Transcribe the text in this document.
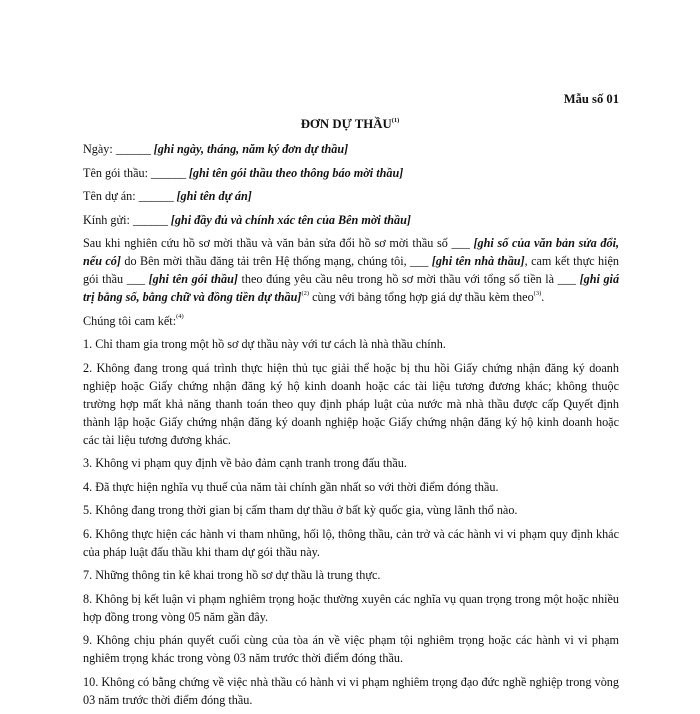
Mẫu số 01
ĐƠN DỰ THẦU$^{(1)}$
Ngày: ______ [ghi ngày, tháng, năm ký đơn dự thầu]
Tên gói thầu: ______ [ghi tên gói thầu theo thông báo mời thầu]
Tên dự án: ______ [ghi tên dự án]
Kính gửi: ______ [ghi đầy đủ và chính xác tên của Bên mời thầu]
Sau khi nghiên cứu hồ sơ mời thầu và văn bản sửa đổi hồ sơ mời thầu số ___ [ghi số của văn bản sửa đổi, nếu có] do Bên mời thầu đăng tải trên Hệ thống mạng, chúng tôi, ___ [ghi tên nhà thầu], cam kết thực hiện gói thầu ___ [ghi tên gói thầu] theo đúng yêu cầu nêu trong hồ sơ mời thầu với tổng số tiền là ___ [ghi giá trị bằng số, bằng chữ và đồng tiền dự thầu]$^{(2)}$ cùng với bảng tổng hợp giá dự thầu kèm theo$^{(3)}$.
Chúng tôi cam kết:$^{(4)}$
1. Chỉ tham gia trong một hồ sơ dự thầu này với tư cách là nhà thầu chính.
2. Không đang trong quá trình thực hiện thủ tục giải thể hoặc bị thu hồi Giấy chứng nhận đăng ký doanh nghiệp hoặc Giấy chứng nhận đăng ký hộ kinh doanh hoặc các tài liệu tương đương khác; không thuộc trường hợp mất khả năng thanh toán theo quy định pháp luật của nước mà nhà thầu được cấp Quyết định thành lập hoặc Giấy chứng nhận đăng ký doanh nghiệp hoặc Giấy chứng nhận đăng ký hộ kinh doanh hoặc các tài liệu tương đương khác.
3. Không vi phạm quy định về bảo đảm cạnh tranh trong đấu thầu.
4. Đã thực hiện nghĩa vụ thuế của năm tài chính gần nhất so với thời điểm đóng thầu.
5. Không đang trong thời gian bị cấm tham dự thầu ở bất kỳ quốc gia, vùng lãnh thổ nào.
6. Không thực hiện các hành vi tham nhũng, hối lộ, thông thầu, cản trở và các hành vi vi phạm quy định khác của pháp luật đấu thầu khi tham dự gói thầu này.
7. Những thông tin kê khai trong hồ sơ dự thầu là trung thực.
8. Không bị kết luận vi phạm nghiêm trọng hoặc thường xuyên các nghĩa vụ quan trọng trong một hoặc nhiều hợp đồng trong vòng 05 năm gần đây.
9. Không chịu phán quyết cuối cùng của tòa án về việc phạm tội nghiêm trọng hoặc các hành vi vi phạm nghiêm trọng khác trong vòng 03 năm trước thời điểm đóng thầu.
10. Không có bằng chứng về việc nhà thầu có hành vi vi phạm nghiêm trọng đạo đức nghề nghiệp trong vòng 03 năm trước thời điểm đóng thầu.
